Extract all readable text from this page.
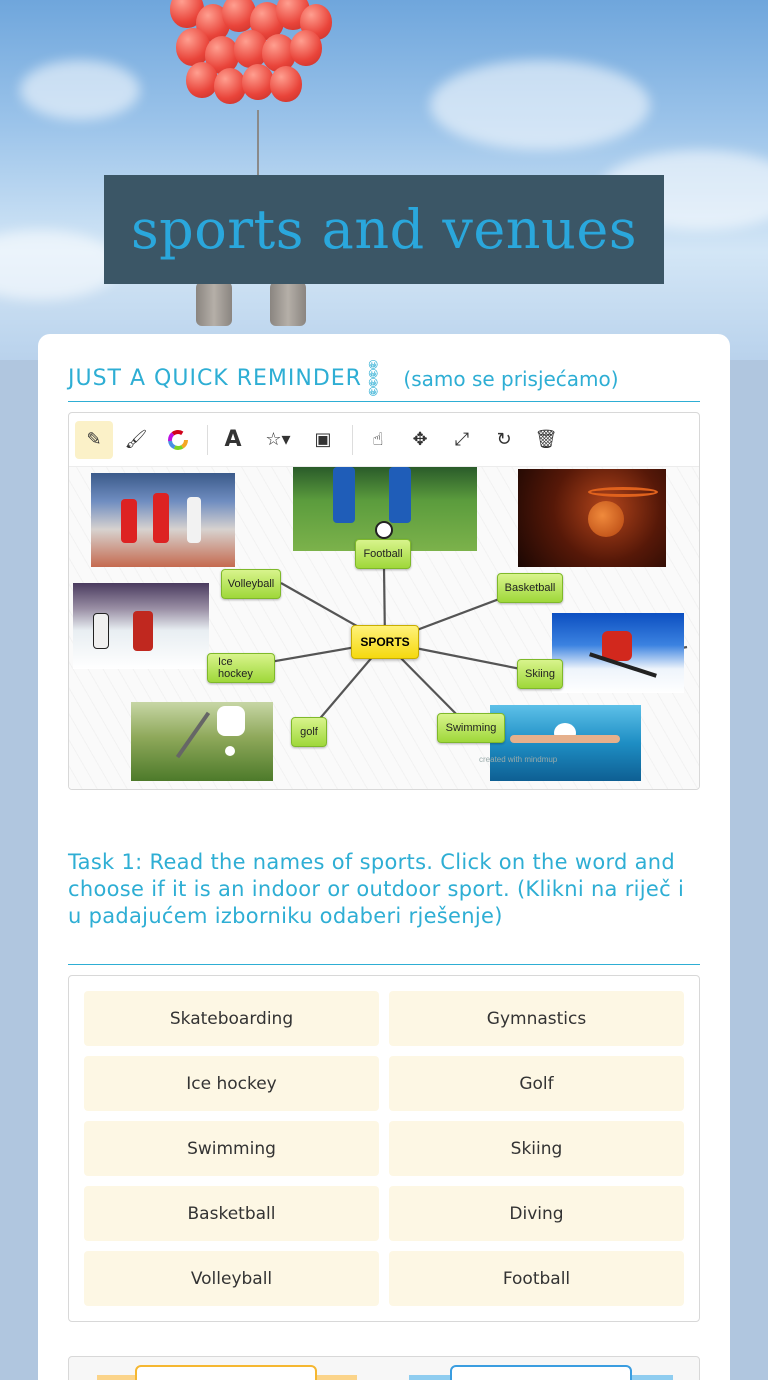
sports and venues
JUST A QUICK REMINDER
😀
😀
😀
😀
(samo se prisjećamo)
✎	🖌	A	☆▾	▣	☝	✥	⤢	↻	🗑
created with mindmup
Football
Volleyball	Basketball
Ice hockey	Skiing
golf	Swimming
SPORTS
Task 1: Read the names of sports. Click on the word and choose if it is an indoor or outdoor sport. (Klikni na riječ i u padajućem izborniku odaberi rješenje)
Skateboarding	Gymnastics
Ice hockey	Golf
Swimming	Skiing
Basketball	Diving
Volleyball	Football
